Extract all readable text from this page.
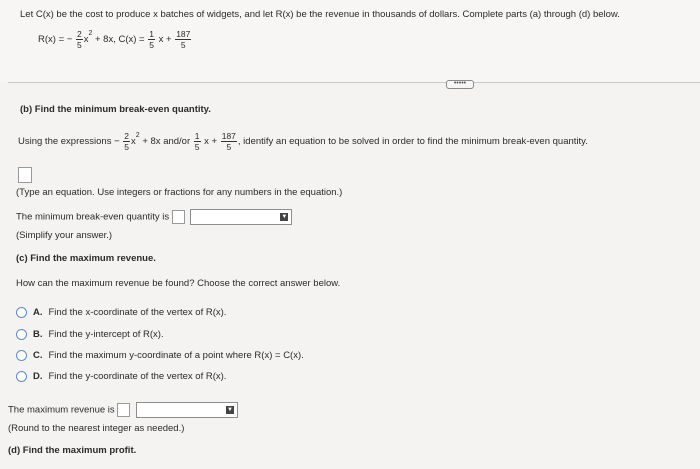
Let C(x) be the cost to produce x batches of widgets, and let R(x) be the revenue in thousands of dollars. Complete parts (a) through (d) below.
R(x) = − $\frac{2}{5} x^2 + 8x$, $C(x) = \frac{1}{5}$ $x + \frac{187}{5}$
•••••
(b) Find the minimum break-even quantity.
Using the expressions − $\frac{2}{5} x^2 + 8x$ $and/or \frac{1}{5}$ $x + \frac{187}{5}$ , identify an equation to be solved in order to find the minimum break-even quantity.
(Type an equation. Use integers or fractions for any numbers in the equation.)
The minimum break-even quantity is	▼
(Simplify your answer.)
(c) Find the maximum revenue.
How can the maximum revenue be found? Choose the correct answer below.
A. Find the x-coordinate of the vertex of R(x).
B. Find the y-intercept of R(x).
C. Find the maximum y-coordinate of a point where R(x) = C(x).
D. Find the y-coordinate of the vertex of R(x).
The maximum revenue is	▼
(Round to the nearest integer as needed.)
(d) Find the maximum profit.
